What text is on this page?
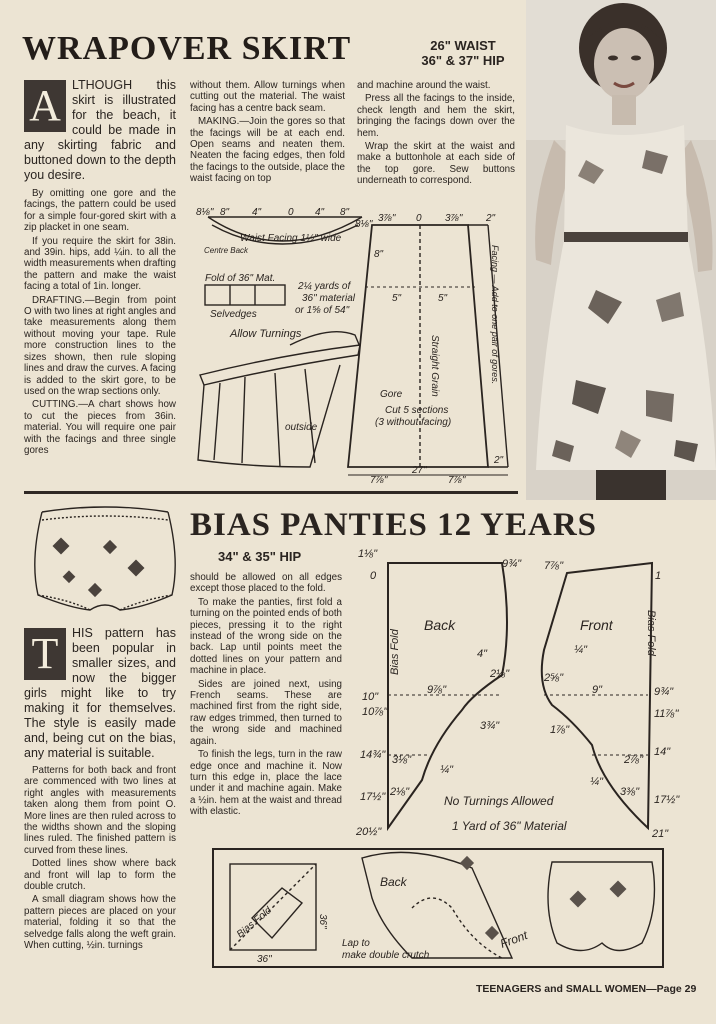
WRAPOVER SKIRT	26" WAIST
36" & 37" HIP
A LTHOUGH this skirt is illustrated for the beach, it could be made in any skirting fabric and buttoned down to the depth you desire.

By omitting one gore and the facings, the pattern could be used for a simple four-gored skirt with a zip placket in one seam.

If you require the skirt for 38in. and 39in. hips, add ¼in. to all the width measurements when drafting the pattern and make the waist facing a total of 1in. longer.

DRAFTING.—Begin from point O with two lines at right angles and take measurements along them without moving your tape. Rule more construction lines to the sizes shown, then rule sloping lines and draw the curves. A facing is added to the skirt gore, to be used on the wrap sections only.

CUTTING.—A chart shows how to cut the pieces from 36in. material. You will require one pair with the facings and three single gores

without them. Allow turnings when cutting out the material. The waist facing has a centre back seam.

MAKING.—Join the gores so that the facings will be at each end. Open seams and neaten them. Neaten the facing edges, then fold the facings to the outside, place the waist facing on top

and machine around the waist.

Press all the facings to the inside, check length and hem the skirt, bringing the facings down over the hem.

Wrap the skirt at the waist and make a buttonhole at each side of the top gore. Sew buttons underneath to correspond.

8⅛" 8" 4"	0 4" 8"
8⅛"
Centre Back
Waist Facing 1½" wide
Fold of 36" Mat.
Selvedges
2¼ yards of
36" material
or 1⅝ of 54"
Allow Turnings
outside
3⅞" 0 3⅞" 2"
8"
5"	5"
Straight Grain
Gore
Cut 5 sections
(3 without facing)
Facing — Add to one pair of gores.
7⅞"
27"
7⅞"
2"
BIAS PANTIES 12 YEARS
34" & 35" HIP
T	HIS pattern has been popular in smaller sizes, and now the bigger girls might like to try making it for themselves. The style is easily made and, being cut on the bias, any material is suitable.

Patterns for both back and front are commenced with two lines at right angles with measurements taken along them from point O. More lines are then ruled across to the widths shown and the sloping lines ruled. The finished pattern is curved from these lines.

Dotted lines show where back and front will lap to form the double crutch.

A small diagram shows how the pattern pieces are placed on your material, folding it so that the selvedge falls along the weft grain. When cutting, ½in. turnings

should be allowed on all edges except those placed to the fold.

To make the panties, first fold a turning on the pointed ends of both pieces, pressing it to the right instead of the wrong side on the back. Lap until points meet the dotted lines on your pattern and machine in place.

Sides are joined next, using French seams. These are machined first from the right side, raw edges trimmed, then turned to the wrong side and machined again.

To finish the legs, turn in the raw edge once and machine it. Now turn this edge in, place the lace under it and machine again. Make a ½in. hem at the waist and thread with elastic.

1⅛"
0
10"
10⅞"
14¾"
17½"
20½"
9¾" 7⅞"
1
9¾"
11⅞"
14"
17½"
21"
Back	Front
Bias Fold	Bias Fold
9⅞"	9"
4"
2⅛"
3¾"
3⅛"
2⅛"
¼"
¼"
2⅝"
1⅞"
2⅞"
¼"
3⅜"
No Turnings Allowed
1 Yard of 36" Material
Bias Fold	36"
36"
Back
Front
Lap to
make double crutch
TEENAGERS and SMALL WOMEN—Page 29
